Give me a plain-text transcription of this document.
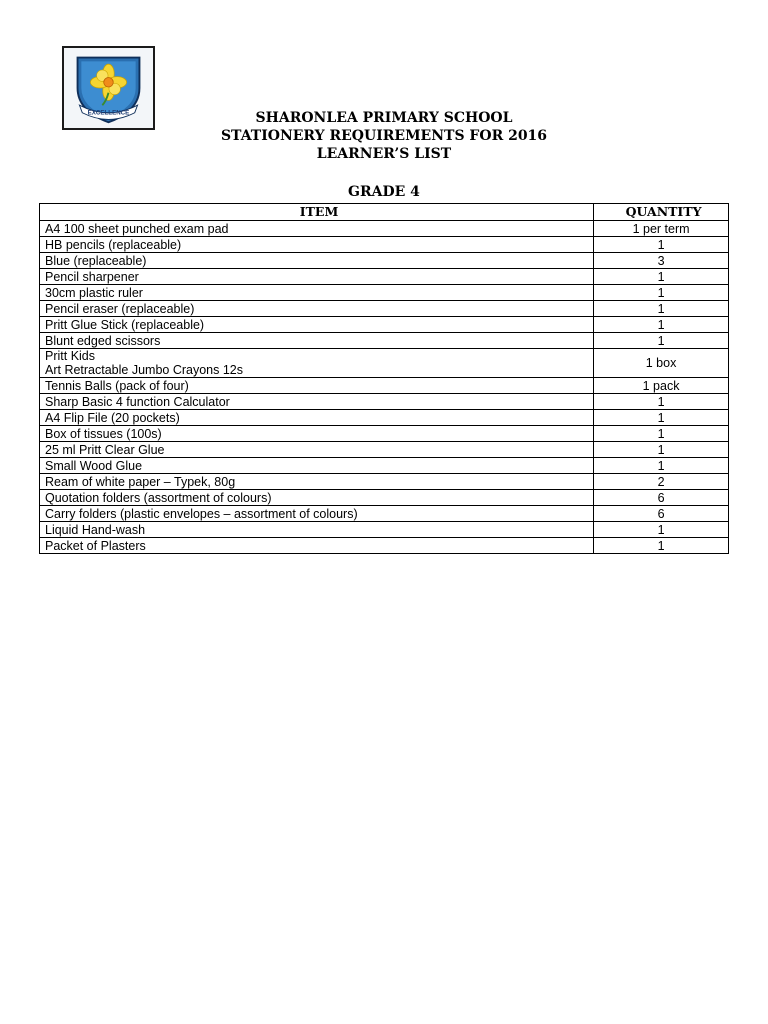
EXCELLENCE	SHARONLEA PRIMARY SCHOOL
STATIONERY REQUIREMENTS FOR 2016
LEARNER’S LIST
GRADE 4
ITEM	QUANTITY

A4 100 sheet punched exam pad	1 per term

HB pencils (replaceable)	1

Blue (replaceable)	3

Pencil sharpener	1

30cm plastic ruler	1

Pencil eraser (replaceable)	1

Pritt Glue Stick (replaceable)	1

Blunt edged scissors	1

Pritt Kids
Art Retractable Jumbo Crayons 12s	1 box

Tennis Balls (pack of four)	1 pack

Sharp Basic 4 function Calculator	1

A4 Flip File (20 pockets)	1

Box of tissues (100s)	1

25 ml Pritt Clear Glue	1

Small Wood Glue	1

Ream of white paper – Typek, 80g	2

Quotation folders (assortment of colours)	6

Carry folders (plastic envelopes – assortment of colours)	6

Liquid Hand-wash	1

Packet of Plasters	1
